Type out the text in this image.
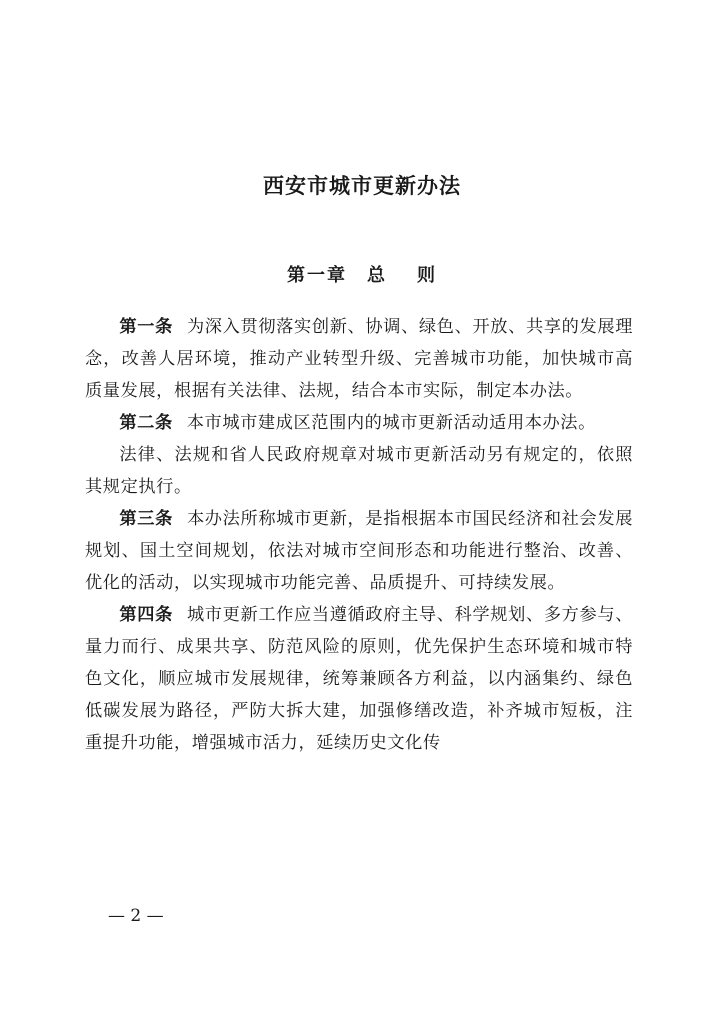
西安市城市更新办法
第一章 总 则

第一条 为深入贯彻落实创新、协调、绿色、开放、共享的发展理念，改善人居环境，推动产业转型升级、完善城市功能，加快城市高质量发展，根据有关法律、法规，结合本市实际，制定本办法。

第二条 本市城市建成区范围内的城市更新活动适用本办法。

法律、法规和省人民政府规章对城市更新活动另有规定的，依照其规定执行。

第三条 本办法所称城市更新，是指根据本市国民经济和社会发展规划、国土空间规划，依法对城市空间形态和功能进行整治、改善、优化的活动，以实现城市功能完善、品质提升、可持续发展。

第四条 城市更新工作应当遵循政府主导、科学规划、多方参与、量力而行、成果共享、防范风险的原则，优先保护生态环境和城市特色文化，顺应城市发展规律，统筹兼顾各方利益，以内涵集约、绿色低碳发展为路径，严防大拆大建，加强修缮改造，补齐城市短板，注重提升功能，增强城市活力，延续历史文化传

— 2 —
